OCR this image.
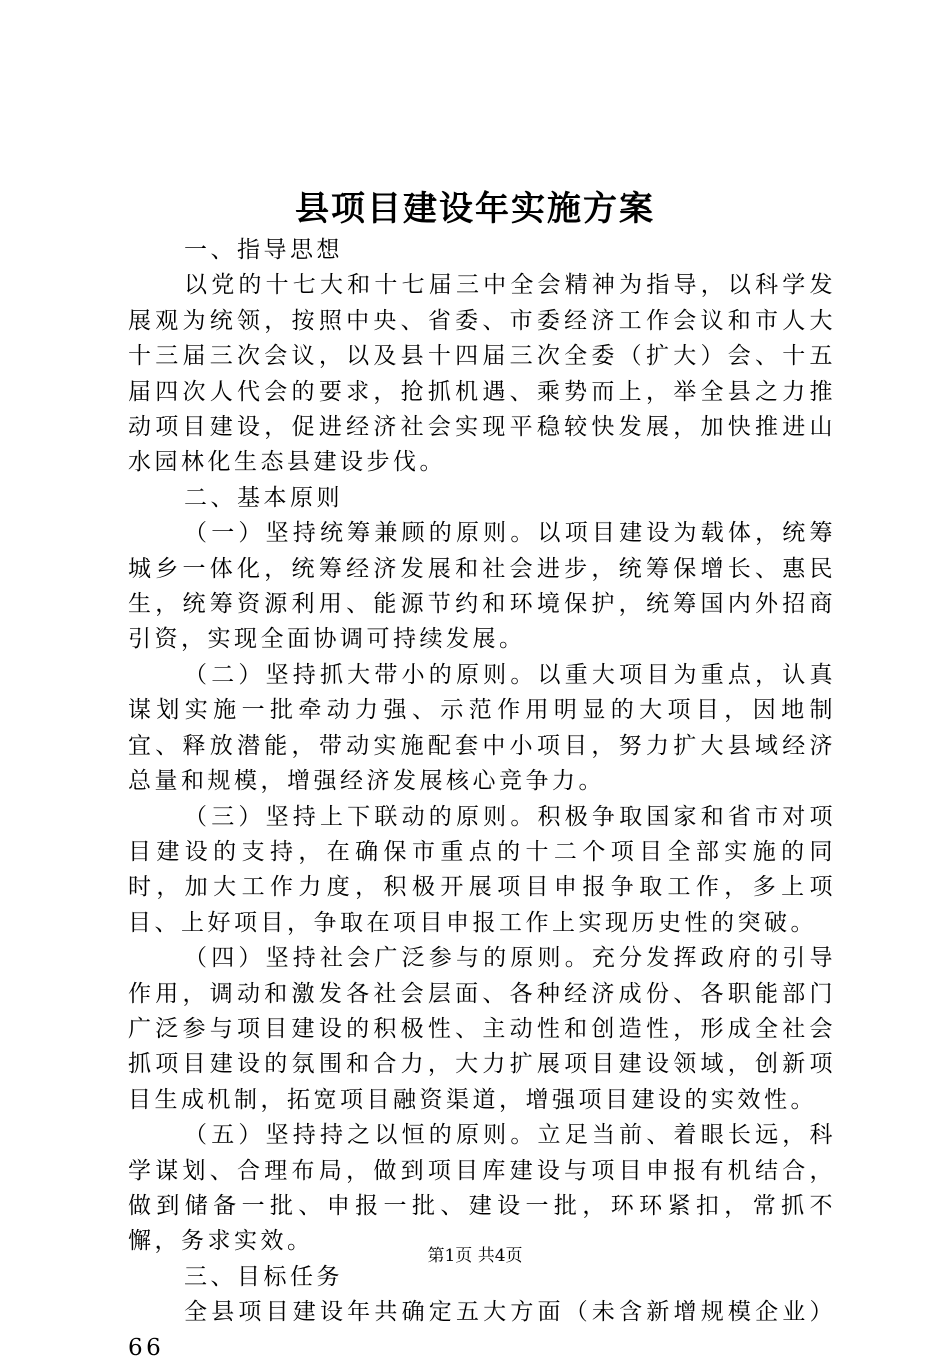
县项目建设年实施方案

一、指导思想

以党的十七大和十七届三中全会精神为指导，以科学发展观为统领，按照中央、省委、市委经济工作会议和市人大十三届三次会议，以及县十四届三次全委（扩大）会、十五届四次人代会的要求，抢抓机遇、乘势而上，举全县之力推动项目建设，促进经济社会实现平稳较快发展，加快推进山水园林化生态县建设步伐。

二、基本原则

（一）坚持统筹兼顾的原则。以项目建设为载体，统筹城乡一体化，统筹经济发展和社会进步，统筹保增长、惠民生，统筹资源利用、能源节约和环境保护，统筹国内外招商引资，实现全面协调可持续发展。

（二）坚持抓大带小的原则。以重大项目为重点，认真谋划实施一批牵动力强、示范作用明显的大项目，因地制宜、释放潜能，带动实施配套中小项目，努力扩大县域经济总量和规模，增强经济发展核心竞争力。

（三）坚持上下联动的原则。积极争取国家和省市对项目建设的支持，在确保市重点的十二个项目全部实施的同时，加大工作力度，积极开展项目申报争取工作，多上项目、上好项目，争取在项目申报工作上实现历史性的突破。

（四）坚持社会广泛参与的原则。充分发挥政府的引导作用，调动和激发各社会层面、各种经济成份、各职能部门广泛参与项目建设的积极性、主动性和创造性，形成全社会抓项目建设的氛围和合力，大力扩展项目建设领域，创新项目生成机制，拓宽项目融资渠道，增强项目建设的实效性。

（五）坚持持之以恒的原则。立足当前、着眼长远，科学谋划、合理布局，做到项目库建设与项目申报有机结合，做到储备一批、申报一批、建设一批，环环紧扣，常抓不懈，务求实效。

三、目标任务

全县项目建设年共确定五大方面（未含新增规模企业）66

第1页 共4页
